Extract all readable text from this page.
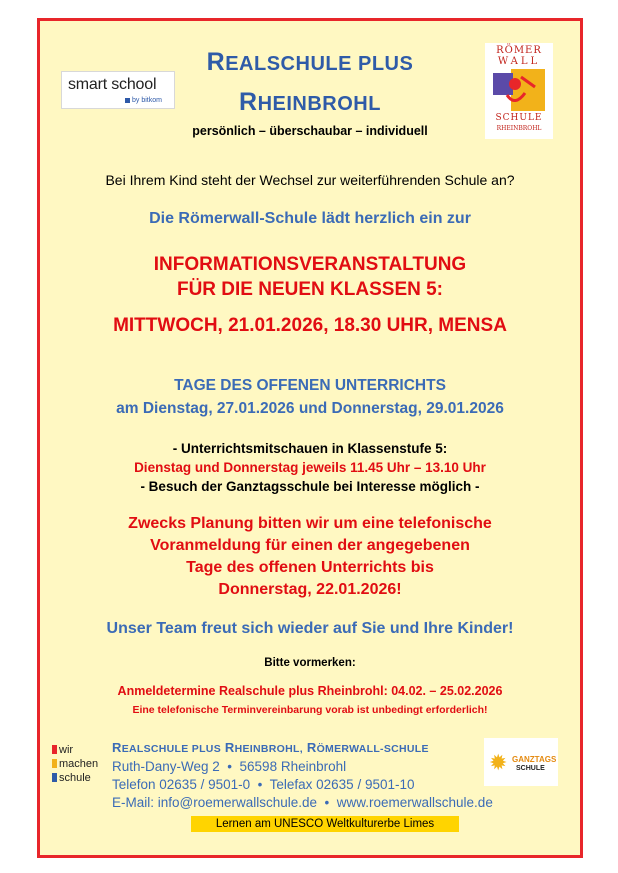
smart school
by bitkom
REALSCHULE PLUS
RHEINBROHL
RÖMER
WALL
SCHULE
RHEINBROHL
persönlich – überschaubar – individuell
Bei Ihrem Kind steht der Wechsel zur weiterführenden Schule an?
Die Römerwall-Schule lädt herzlich ein zur
INFORMATIONSVERANSTALTUNG
FÜR DIE NEUEN KLASSEN 5:
MITTWOCH, 21.01.2026, 18.30 UHR, MENSA
TAGE DES OFFENEN UNTERRICHTS
am Dienstag, 27.01.2026 und Donnerstag, 29.01.2026
- Unterrichtsmitschauen in Klassenstufe 5:
Dienstag und Donnerstag jeweils 11.45 Uhr – 13.10 Uhr
- Besuch der Ganztagsschule bei Interesse möglich -
Zwecks Planung bitten wir um eine telefonische
Voranmeldung für einen der angegebenen
Tage des offenen Unterrichts bis
Donnerstag, 22.01.2026!
Unser Team freut sich wieder auf Sie und Ihre Kinder!
Bitte vormerken:
Anmeldetermine Realschule plus Rheinbrohl: 04.02. – 25.02.2026
Eine telefonische Terminvereinbarung vorab ist unbedingt erforderlich!
wir
machen
schule
REALSCHULE PLUS RHEINBROHL, RÖMERWALL-SCHULE
Ruth-Dany-Weg 2  •  56598 Rheinbrohl
Telefon 02635 / 9501-0  •  Telefax 02635 / 9501-10
E-Mail: info@roemerwallschule.de  •  www.roemerwallschule.de
✹ GANZTAGS
SCHULE
Lernen am UNESCO Weltkulturerbe Limes
